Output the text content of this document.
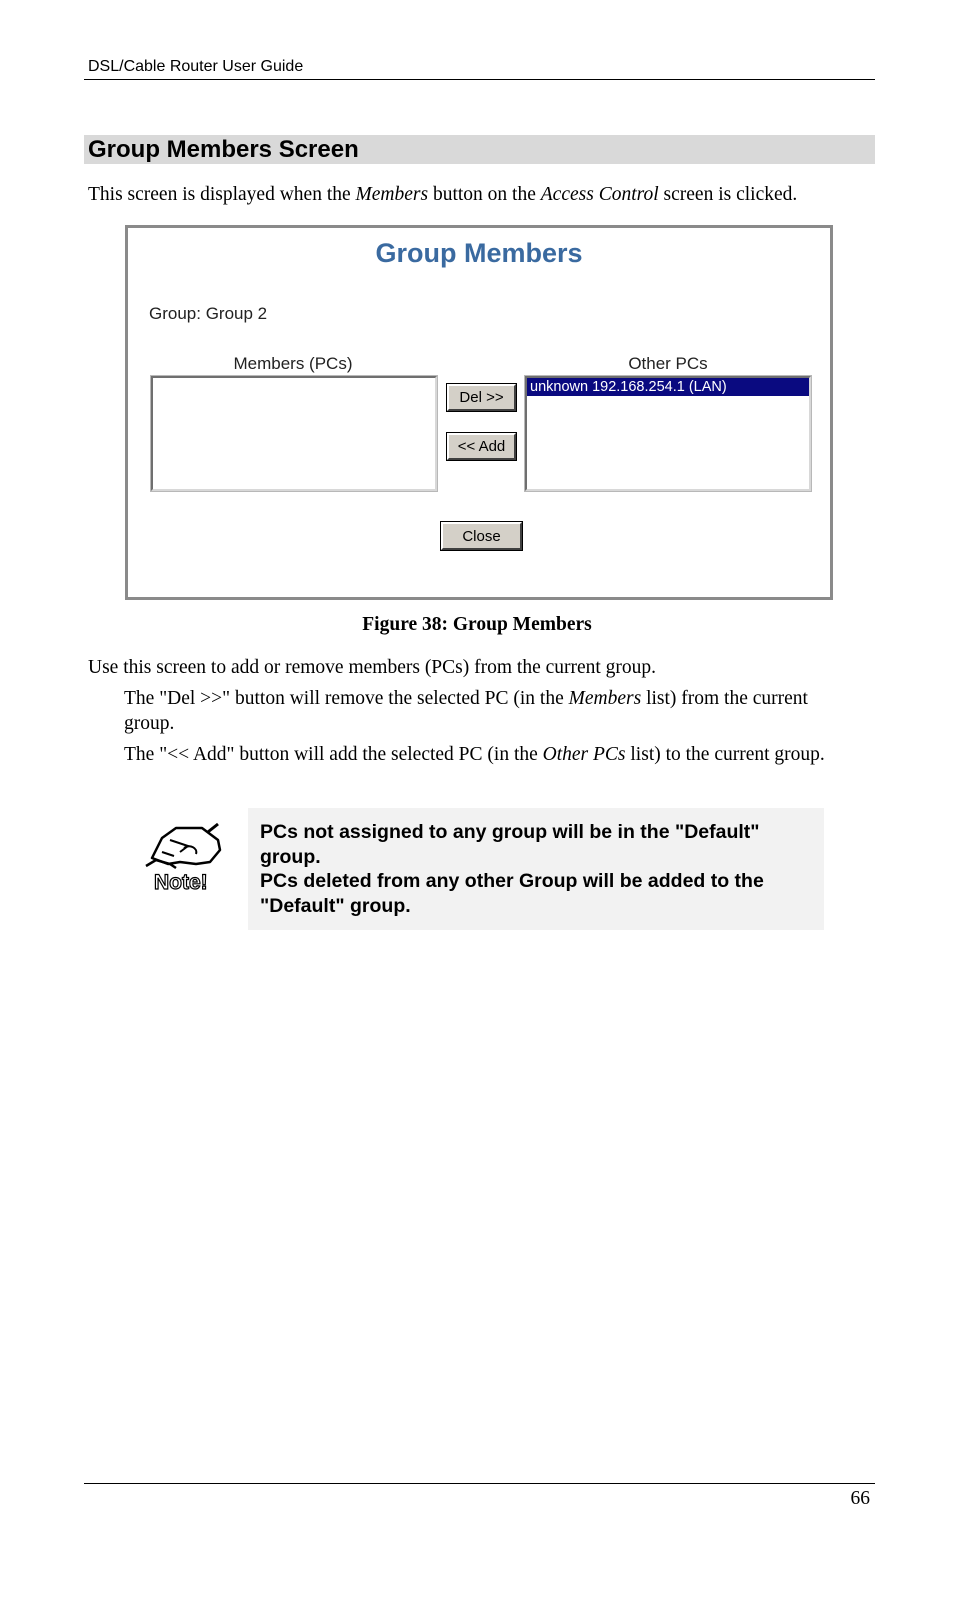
DSL/Cable Router User Guide
Group Members Screen
This screen is displayed when the Members button on the Access Control screen is clicked.
Group Members
Group: Group 2
Members (PCs)
Del >>
<< Add
Other PCs
unknown 192.168.254.1 (LAN)
Close
Figure 38: Group Members
Use this screen to add or remove members (PCs) from the current group.
The "Del >>" button will remove the selected PC (in the Members list) from the current group.
The "<< Add" button will add the selected PC (in the Other PCs list) to the current group.
Note!
PCs not assigned to any group will be in the "Default" group.
PCs deleted from any other Group will be added to the "Default" group.
66
